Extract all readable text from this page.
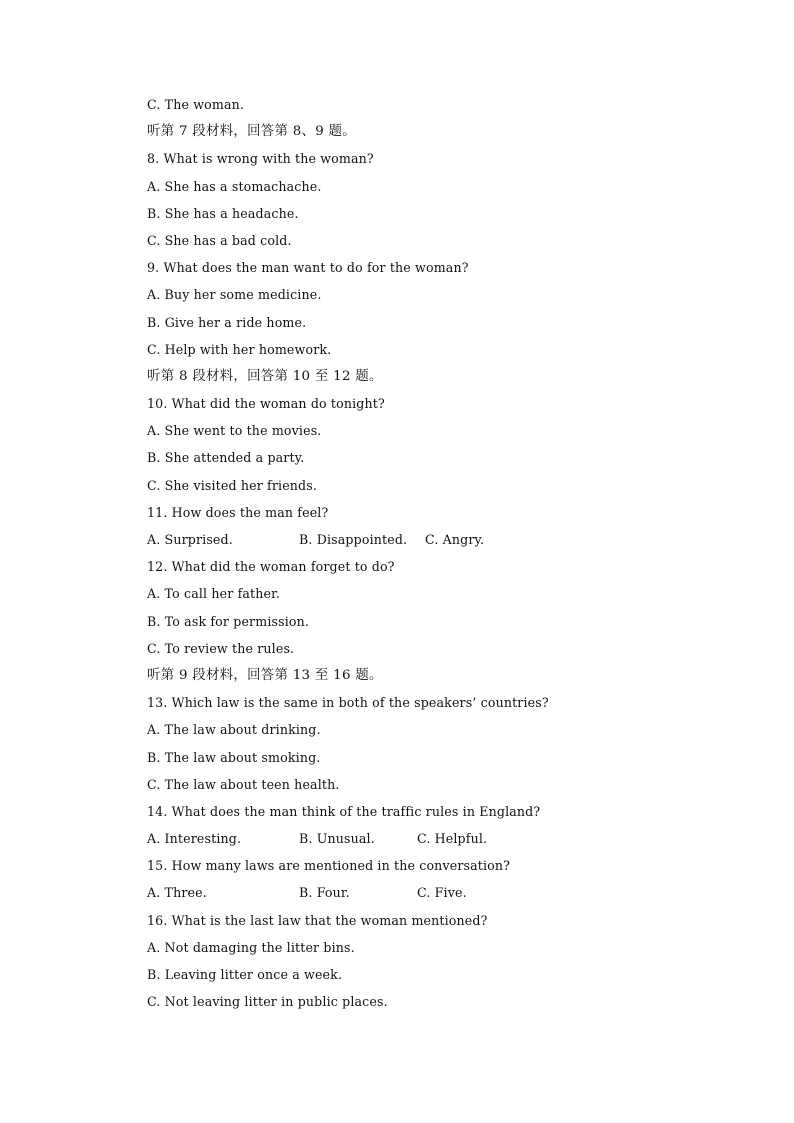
C. The woman.
听第 7 段材料，回答第 8、9 题。
8. What is wrong with the woman?
A. She has a stomachache.
B. She has a headache.
C. She has a bad cold.
9. What does the man want to do for the woman?
A. Buy her some medicine.
B. Give her a ride home.
C. Help with her homework.
听第 8 段材料，回答第 10 至 12 题。
10. What did the woman do tonight?
A. She went to the movies.
B. She attended a party.
C. She visited her friends.
11. How does the man feel?
A. Surprised.	B. Disappointed.	C. Angry.
12. What did the woman forget to do?
A. To call her father.
B. To ask for permission.
C. To review the rules.
听第 9 段材料，回答第 13 至 16 题。
13. Which law is the same in both of the speakers’ countries?
A. The law about drinking.
B. The law about smoking.
C. The law about teen health.
14. What does the man think of the traffic rules in England?
A. Interesting.	B. Unusual.	C. Helpful.
15. How many laws are mentioned in the conversation?
A. Three.	B. Four.	C. Five.
16. What is the last law that the woman mentioned?
A. Not damaging the litter bins.
B. Leaving litter once a week.
C. Not leaving litter in public places.
